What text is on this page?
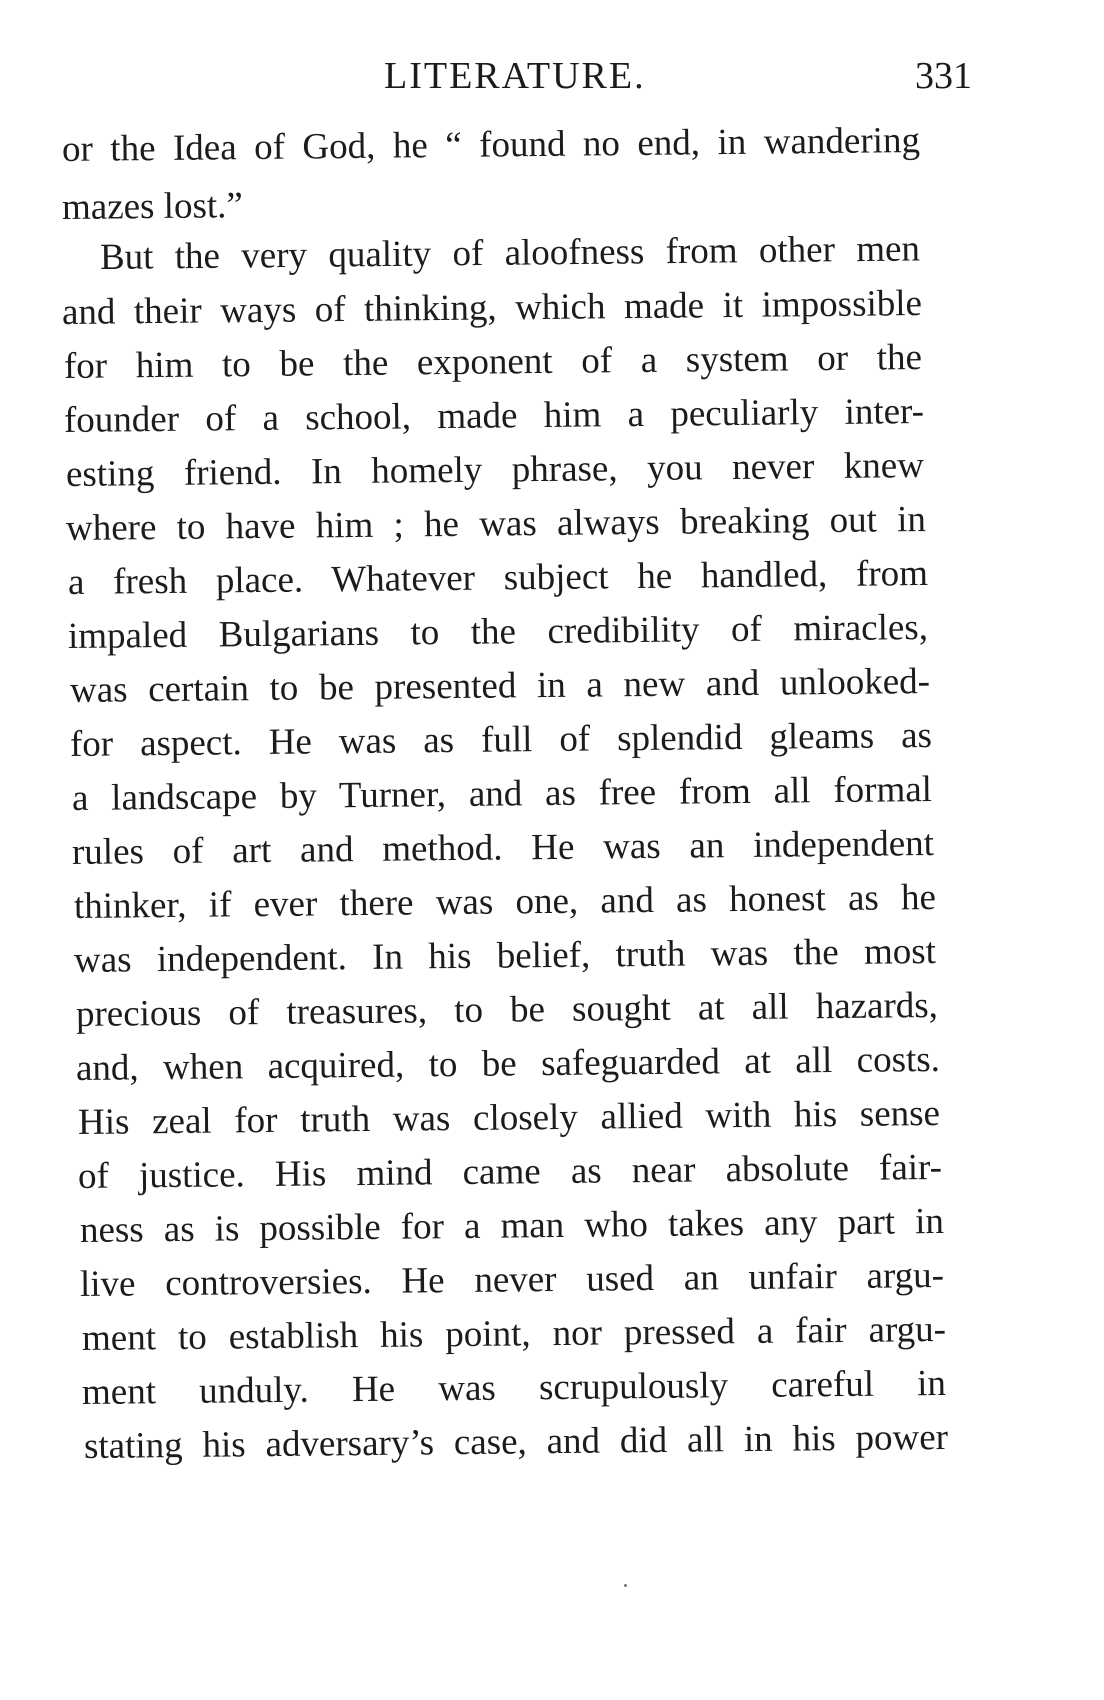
LITERATURE.	331
or the Idea of God, he “ found no end, in wandering
mazes lost.”
But the very quality of aloofness from other men
and their ways of thinking, which made it impossible
for him to be the exponent of a system or the
founder of a school, made him a peculiarly inter-
esting friend. In homely phrase, you never knew
where to have him ; he was always breaking out in
a fresh place. Whatever subject he handled, from
impaled Bulgarians to the credibility of miracles,
was certain to be presented in a new and unlooked-
for aspect. He was as full of splendid gleams as
a landscape by Turner, and as free from all formal
rules of art and method. He was an independent
thinker, if ever there was one, and as honest as he
was independent. In his belief, truth was the most
precious of treasures, to be sought at all hazards,
and, when acquired, to be safeguarded at all costs.
His zeal for truth was closely allied with his sense
of justice. His mind came as near absolute fair-
ness as is possible for a man who takes any part in
live controversies. He never used an unfair argu-
ment to establish his point, nor pressed a fair argu-
ment unduly. He was scrupulously careful in
stating his adversary’s case, and did all in his power
